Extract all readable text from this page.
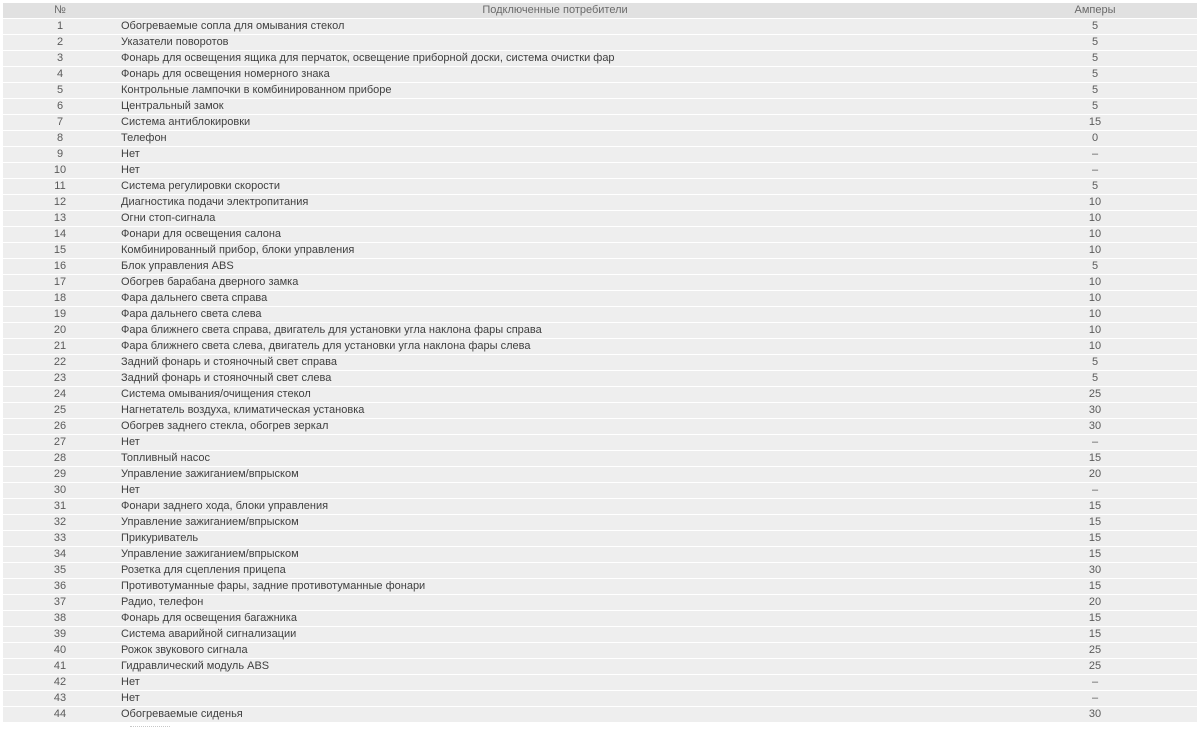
№	Подключенные потребители	Амперы
1	Обогреваемые сопла для омывания стекол	5
2	Указатели поворотов	5
3	Фонарь для освещения ящика для перчаток, освещение приборной доски, система очистки фар	5
4	Фонарь для освещения номерного знака	5
5	Контрольные лампочки в комбинированном приборе	5
6	Центральный замок	5
7	Система антиблокировки	15
8	Телефон	0
9	Нет	–
10	Нет	–
11	Система регулировки скорости	5
12	Диагностика подачи электропитания	10
13	Огни стоп-сигнала	10
14	Фонари для освещения салона	10
15	Комбинированный прибор, блоки управления	10
16	Блок управления ABS	5
17	Обогрев барабана дверного замка	10
18	Фара дальнего света справа	10
19	Фара дальнего света слева	10
20	Фара ближнего света справа, двигатель для установки угла наклона фары справа	10
21	Фара ближнего света слева, двигатель для установки угла наклона фары слева	10
22	Задний фонарь и стояночный свет справа	5
23	Задний фонарь и стояночный свет слева	5
24	Система омывания/очищения стекол	25
25	Нагнетатель воздуха, климатическая установка	30
26	Обогрев заднего стекла, обогрев зеркал	30
27	Нет	–
28	Топливный насос	15
29	Управление зажиганием/впрыском	20
30	Нет	–
31	Фонари заднего хода, блоки управления	15
32	Управление зажиганием/впрыском	15
33	Прикуриватель	15
34	Управление зажиганием/впрыском	15
35	Розетка для сцепления прицепа	30
36	Противотуманные фары, задние противотуманные фонари	15
37	Радио, телефон	20
38	Фонарь для освещения багажника	15
39	Система аварийной сигнализации	15
40	Рожок звукового сигнала	25
41	Гидравлический модуль ABS	25
42	Нет	–
43	Нет	–
44	Обогреваемые сиденья	30
